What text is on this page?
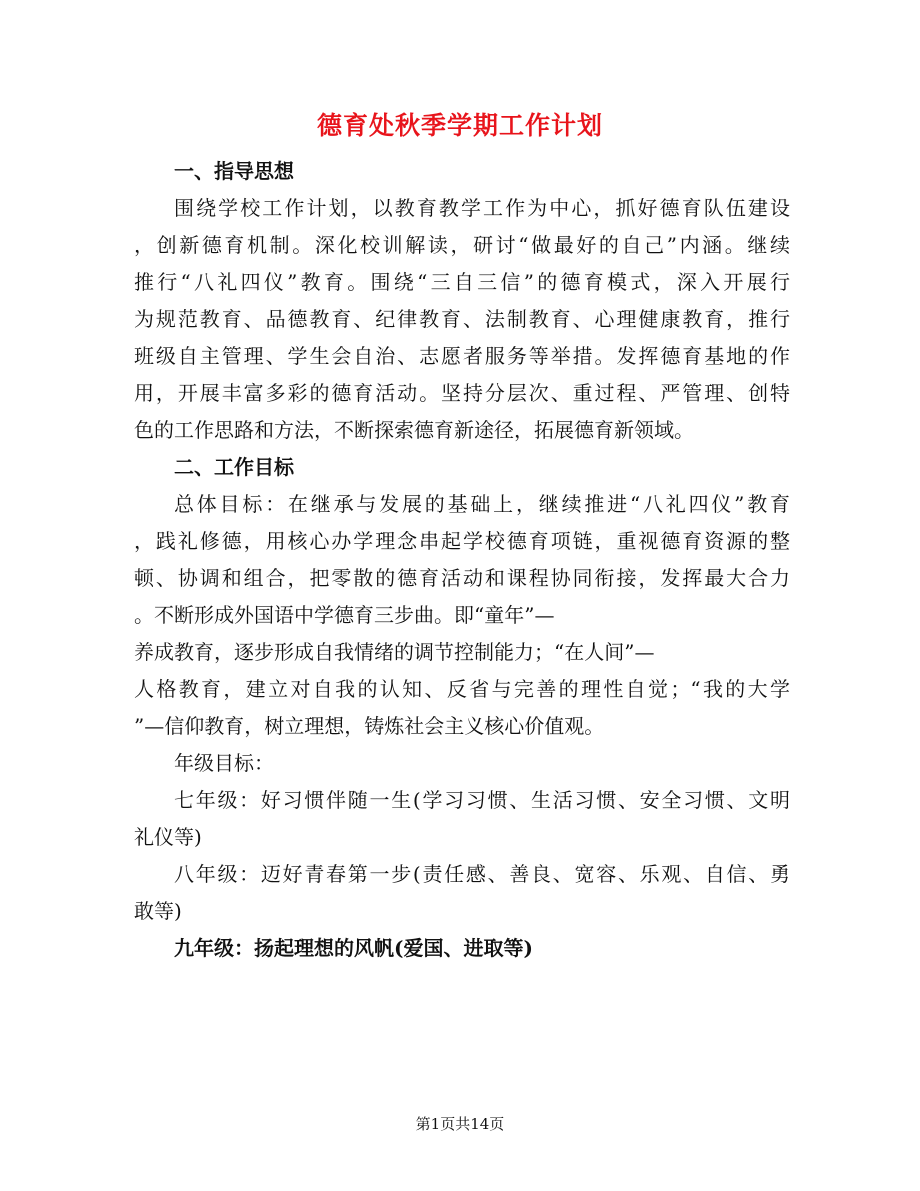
德育处秋季学期工作计划
一、指导思想
围绕学校工作计划，以教育教学工作为中心，抓好德育队伍建设
，创新德育机制。深化校训解读，研讨“做最好的自己”内涵。继续
推行“八礼四仪”教育。围绕“三自三信”的德育模式，深入开展行
为规范教育、品德教育、纪律教育、法制教育、心理健康教育，推行
班级自主管理、学生会自治、志愿者服务等举措。发挥德育基地的作
用，开展丰富多彩的德育活动。坚持分层次、重过程、严管理、创特
色的工作思路和方法，不断探索德育新途径，拓展德育新领域。
二、工作目标
总体目标：在继承与发展的基础上，继续推进“八礼四仪”教育
，践礼修德，用核心办学理念串起学校德育项链，重视德育资源的整
顿、协调和组合，把零散的德育活动和课程协同衔接，发挥最大合力
。不断形成外国语中学德育三步曲。即“童年”—
养成教育，逐步形成自我情绪的调节控制能力；“在人间”—
人格教育，建立对自我的认知、反省与完善的理性自觉；“我的大学
”—信仰教育，树立理想，铸炼社会主义核心价值观。
年级目标：
七年级：好习惯伴随一生(学习习惯、生活习惯、安全习惯、文明
礼仪等)
八年级：迈好青春第一步(责任感、善良、宽容、乐观、自信、勇
敢等)
九年级：扬起理想的风帆(爱国、进取等)
第1页共14页
